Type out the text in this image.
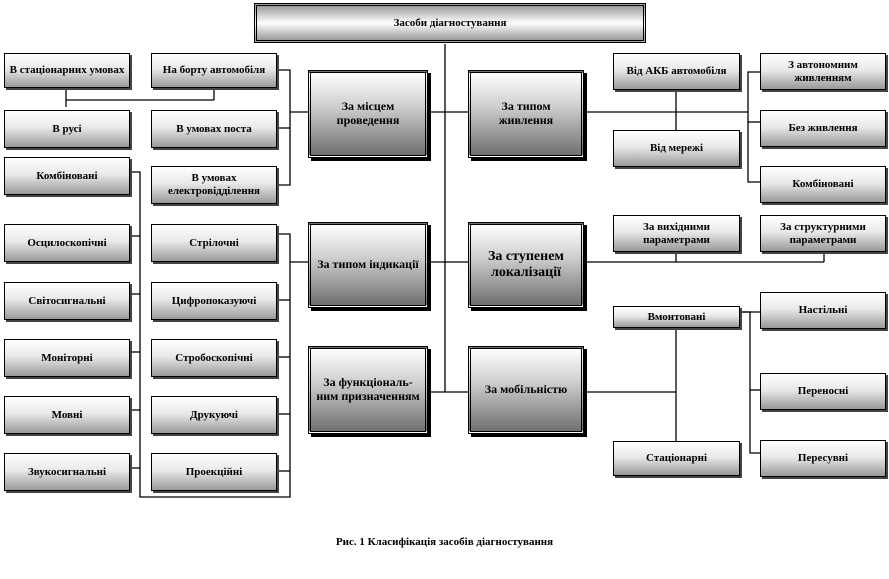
Засоби діагностування
За місцем проведення
За типом живлення
За типом індикації
За ступенем локалізації
За функціональ-ним призначенням	За мобільністю
В стаціонарних умовах	На борту автомобіля
В русі	В умовах поста
В умовах електровідділення
Комбіновані
Осцилоскопічні
Світосигнальні
Моніторні
Мовні
Звукосигнальні
Стрілочні
Цифропоказуючі
Стробоскопічні
Друкуючі
Проекційні
Від АКБ автомобіля
Від мережі
З автономним живленням
Без живлення
Комбіновані
За вихідними параметрами
За структурними параметрами
Вмонтовані
Стаціонарні
Настільні
Переносні
Пересувні
Рис. 1 Класифікація засобів діагностування
